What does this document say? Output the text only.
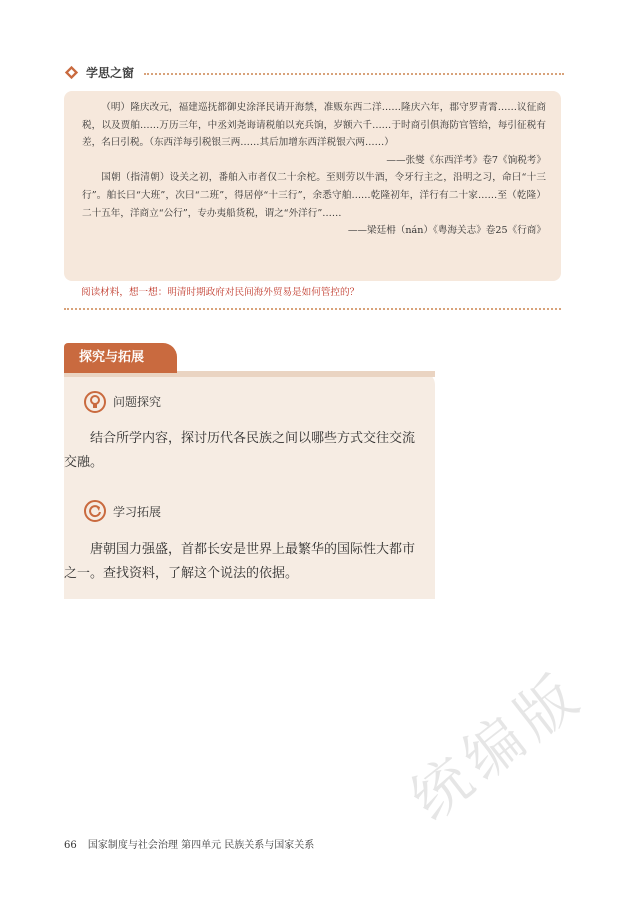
学思之窗

（明）隆庆改元，福建巡抚都御史涂泽民请开海禁，准贩东西二洋……隆庆六年，郡守罗青霄……议征商税，以及贾舶……万历三年，中丞刘尧诲请税舶以充兵饷，岁额六千……于时商引俱海防官管给，每引征税有差，名曰引税。（东西洋每引税银三两……其后加增东西洋税银六两……）

——张燮《东西洋考》卷7《饷税考》

国朝（指清朝）设关之初，番舶入市者仅二十余柁。至则劳以牛酒，令牙行主之，沿明之习，命曰“十三行”。舶长曰“大班”，次曰“二班”，得居停“十三行”，余悉守舶……乾隆初年，洋行有二十家……至（乾隆）二十五年，洋商立“公行”，专办夷船货税，谓之“外洋行”……

——梁廷枏（nán）《粤海关志》卷25《行商》

阅读材料，想一想：明清时期政府对民间海外贸易是如何管控的？
探究与拓展
问题探究

结合所学内容，探讨历代各民族之间以哪些方式交往交流交融。

学习拓展

唐朝国力强盛，首都长安是世界上最繁华的国际性大都市之一。查找资料，了解这个说法的依据。

统编版
66 国家制度与社会治理 第四单元 民族关系与国家关系
